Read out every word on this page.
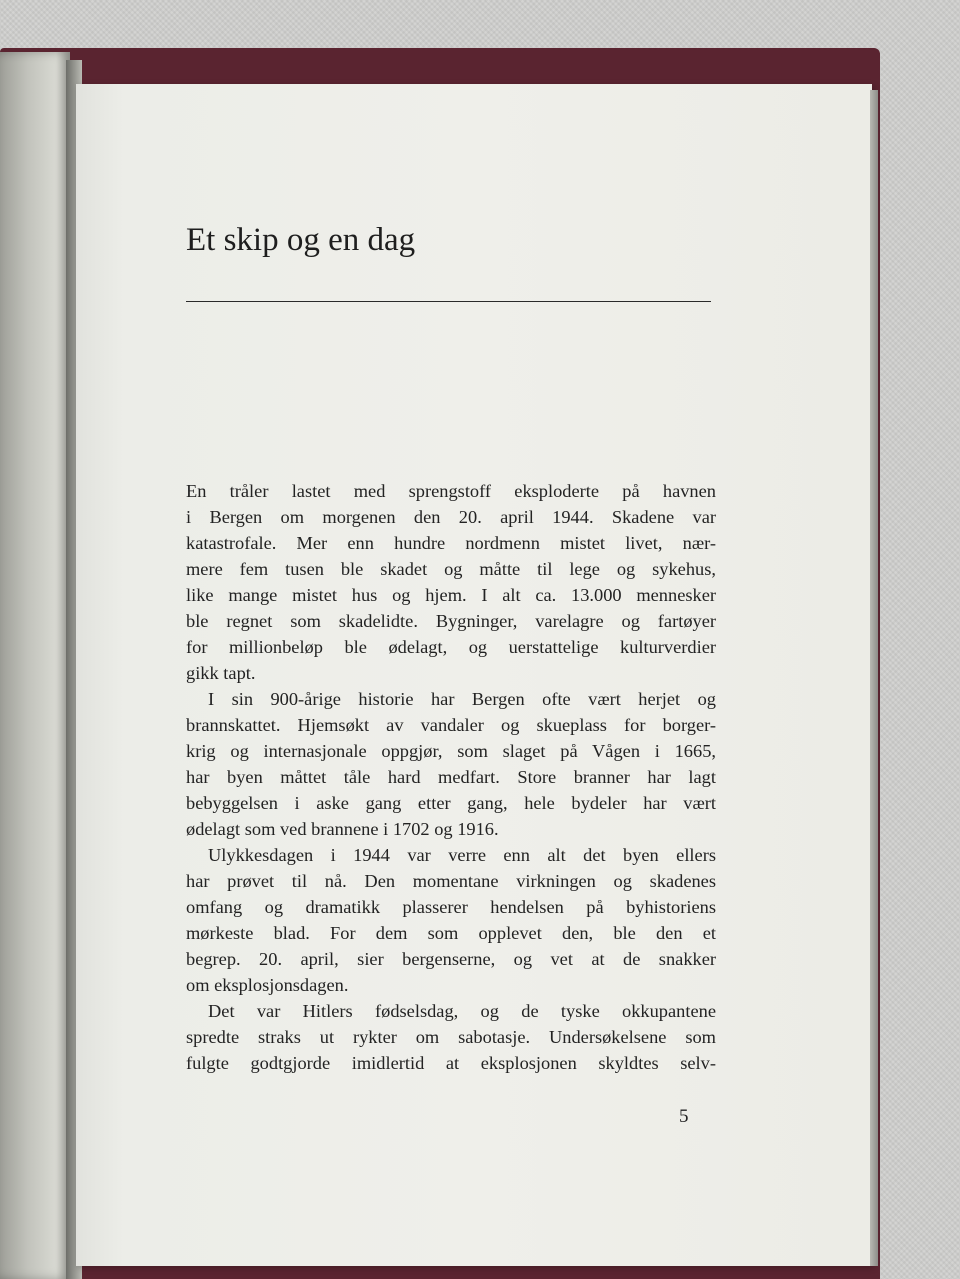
Et skip og en dag
En tråler lastet med sprengstoff eksploderte på havnen
i Bergen om morgenen den 20. april 1944. Skadene var
katastrofale. Mer enn hundre nordmenn mistet livet, nær-
mere fem tusen ble skadet og måtte til lege og sykehus,
like mange mistet hus og hjem. I alt ca. 13.000 mennesker
ble regnet som skadelidte. Bygninger, varelagre og fartøyer
for millionbeløp ble ødelagt, og uerstattelige kulturverdier
gikk tapt.
I sin 900-årige historie har Bergen ofte vært herjet og
brannskattet. Hjemsøkt av vandaler og skueplass for borger-
krig og internasjonale oppgjør, som slaget på Vågen i 1665,
har byen måttet tåle hard medfart. Store branner har lagt
bebyggelsen i aske gang etter gang, hele bydeler har vært
ødelagt som ved brannene i 1702 og 1916.
Ulykkesdagen i 1944 var verre enn alt det byen ellers
har prøvet til nå. Den momentane virkningen og skadenes
omfang og dramatikk plasserer hendelsen på byhistoriens
mørkeste blad. For dem som opplevet den, ble den et
begrep. 20. april, sier bergenserne, og vet at de snakker
om eksplosjonsdagen.
Det var Hitlers fødselsdag, og de tyske okkupantene
spredte straks ut rykter om sabotasje. Undersøkelsene som
fulgte godtgjorde imidlertid at eksplosjonen skyldtes selv-
5
